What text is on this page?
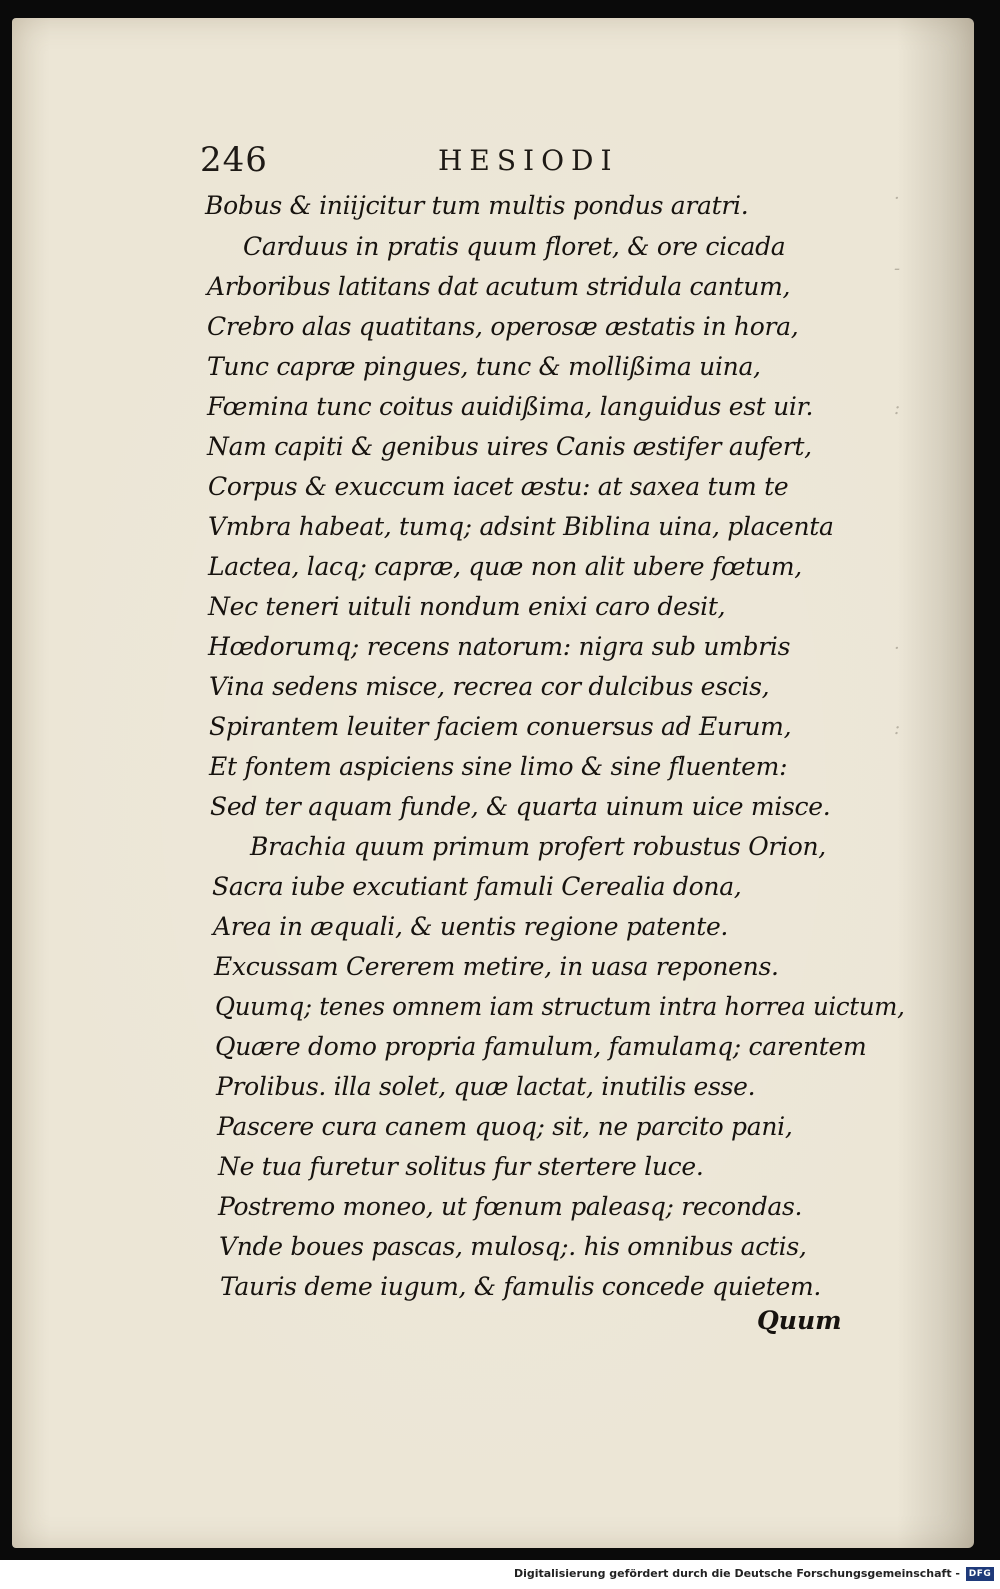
·
-
:
·
:
246	HESIODI
Bobus & iniijcitur tum multis pondus aratri.
Carduus in pratis quum floret, & ore cicada
Arboribus latitans dat acutum stridula cantum,
Crebro alas quatitans, operosæ æstatis in hora,
Tunc capræ pingues, tunc & mollißima uina,
Fœmina tunc coitus auidißima, languidus est uir.
Nam capiti & genibus uires Canis æstifer aufert,
Corpus & exuccum iacet æstu: at saxea tum te
Vmbra habeat, tumq; adsint Biblina uina, placenta
Lactea, lacq; capræ, quæ non alit ubere fœtum,
Nec teneri uituli nondum enixi caro desit,
Hœdorumq; recens natorum: nigra sub umbris
Vina sedens misce, recrea cor dulcibus escis,
Spirantem leuiter faciem conuersus ad Eurum,
Et fontem aspiciens sine limo & sine fluentem:
Sed ter aquam funde, & quarta uinum uice misce.
Brachia quum primum profert robustus Orion,
Sacra iube excutiant famuli Cerealia dona,
Area in æquali, & uentis regione patente.
Excussam Cererem metire, in uasa reponens.
Quumq; tenes omnem iam structum intra horrea uictum,
Quære domo propria famulum, famulamq; carentem
Prolibus. illa solet, quæ lactat, inutilis esse.
Pascere cura canem quoq; sit, ne parcito pani,
Ne tua furetur solitus fur stertere luce.
Postremo moneo, ut fœnum paleasq; recondas.
Vnde boues pascas, mulosq;. his omnibus actis,
Tauris deme iugum, & famulis concede quietem.
Quum
Digitalisierung gefördert durch die Deutsche Forschungsgemeinschaft - DFG
